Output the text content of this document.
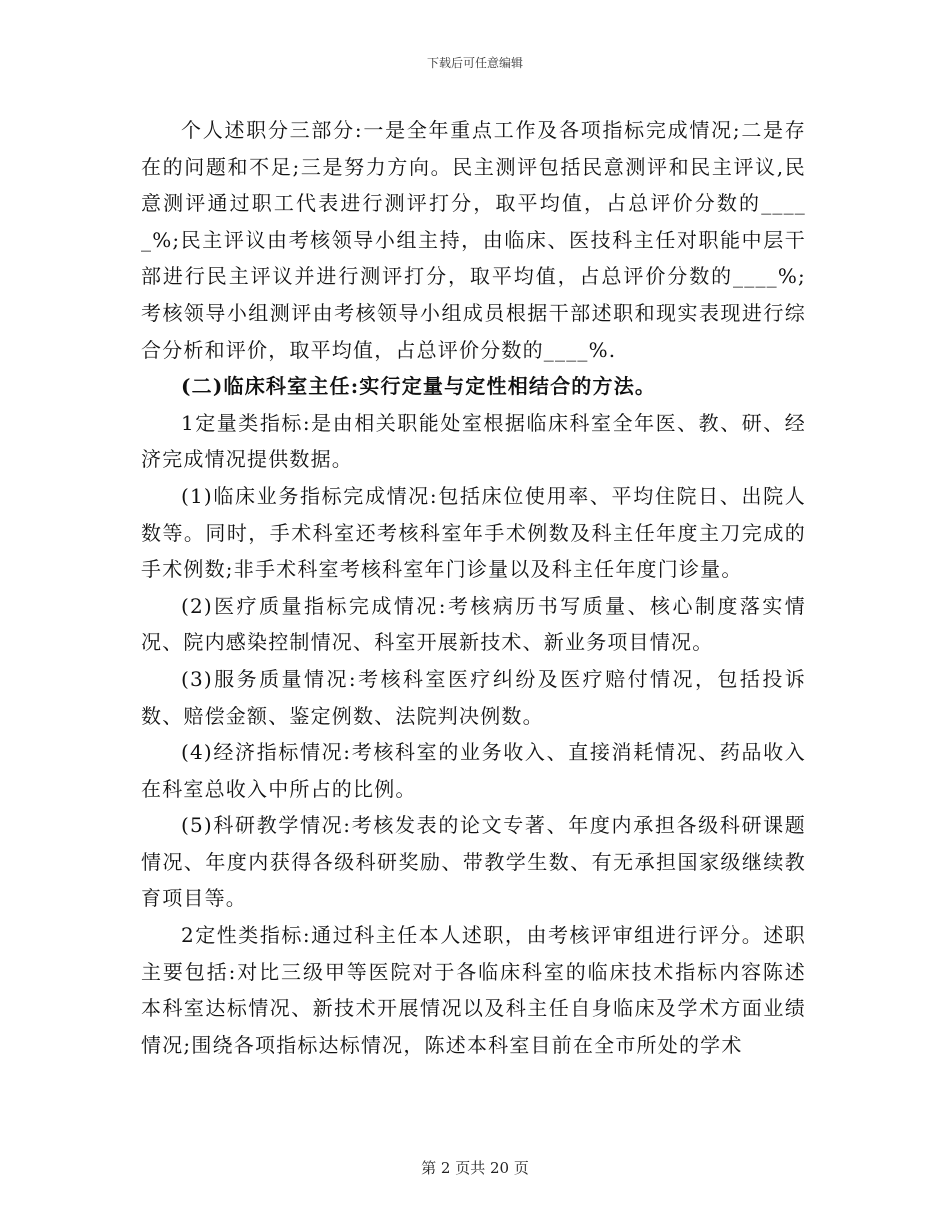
下载后可任意编辑

个人述职分三部分:一是全年重点工作及各项指标完成情况;二是存在的问题和不足;三是努力方向。民主测评包括民意测评和民主评议,民意测评通过职工代表进行测评打分，取平均值，占总评价分数的_____%;民主评议由考核领导小组主持，由临床、医技科主任对职能中层干部进行民主评议并进行测评打分，取平均值，占总评价分数的____%;考核领导小组测评由考核领导小组成员根据干部述职和现实表现进行综合分析和评价，取平均值，占总评价分数的____%.

(二)临床科室主任:实行定量与定性相结合的方法。

1定量类指标:是由相关职能处室根据临床科室全年医、教、研、经济完成情况提供数据。

(1)临床业务指标完成情况:包括床位使用率、平均住院日、出院人数等。同时，手术科室还考核科室年手术例数及科主任年度主刀完成的手术例数;非手术科室考核科室年门诊量以及科主任年度门诊量。

(2)医疗质量指标完成情况:考核病历书写质量、核心制度落实情况、院内感染控制情况、科室开展新技术、新业务项目情况。

(3)服务质量情况:考核科室医疗纠纷及医疗赔付情况，包括投诉数、赔偿金额、鉴定例数、法院判决例数。

(4)经济指标情况:考核科室的业务收入、直接消耗情况、药品收入在科室总收入中所占的比例。

(5)科研教学情况:考核发表的论文专著、年度内承担各级科研课题情况、年度内获得各级科研奖励、带教学生数、有无承担国家级继续教育项目等。

2定性类指标:通过科主任本人述职，由考核评审组进行评分。述职主要包括:对比三级甲等医院对于各临床科室的临床技术指标内容陈述本科室达标情况、新技术开展情况以及科主任自身临床及学术方面业绩情况;围绕各项指标达标情况，陈述本科室目前在全市所处的学术

第 2 页共 20 页
